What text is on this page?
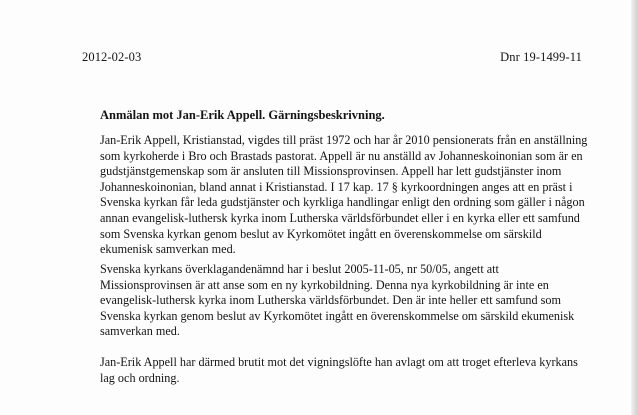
2012-02-03	Dnr 19-1499-11
Anmälan mot Jan-Erik Appell. Gärningsbeskrivning.

Jan-Erik Appell, Kristianstad, vigdes till präst 1972 och har år 2010 pensionerats från en anställning
som kyrkoherde i Bro och Brastads pastorat. Appell är nu anställd av Johanneskoinonian som är en
gudstjänstgemenskap som är ansluten till Missionsprovinsen. Appell har lett gudstjänster inom
Johanneskoinonian, bland annat i Kristianstad. I 17 kap. 17 § kyrkoordningen anges att en präst i
Svenska kyrkan får leda gudstjänster och kyrkliga handlingar enligt den ordning som gäller i någon
annan evangelisk-luthersk kyrka inom Lutherska världsförbundet eller i en kyrka eller ett samfund
som Svenska kyrkan genom beslut av Kyrkomötet ingått en överenskommelse om särskild
ekumenisk samverkan med.

Svenska kyrkans överklagandenämnd har i beslut 2005-11-05, nr 50/05, angett att
Missionsprovinsen är att anse som en ny kyrkobildning. Denna nya kyrkobildning är inte en
evangelisk-luthersk kyrka inom Lutherska världsförbundet. Den är inte heller ett samfund som
Svenska kyrkan genom beslut av Kyrkomötet ingått en överenskommelse om särskild ekumenisk
samverkan med.

Jan-Erik Appell har därmed brutit mot det vigningslöfte han avlagt om att troget efterleva kyrkans
lag och ordning.
